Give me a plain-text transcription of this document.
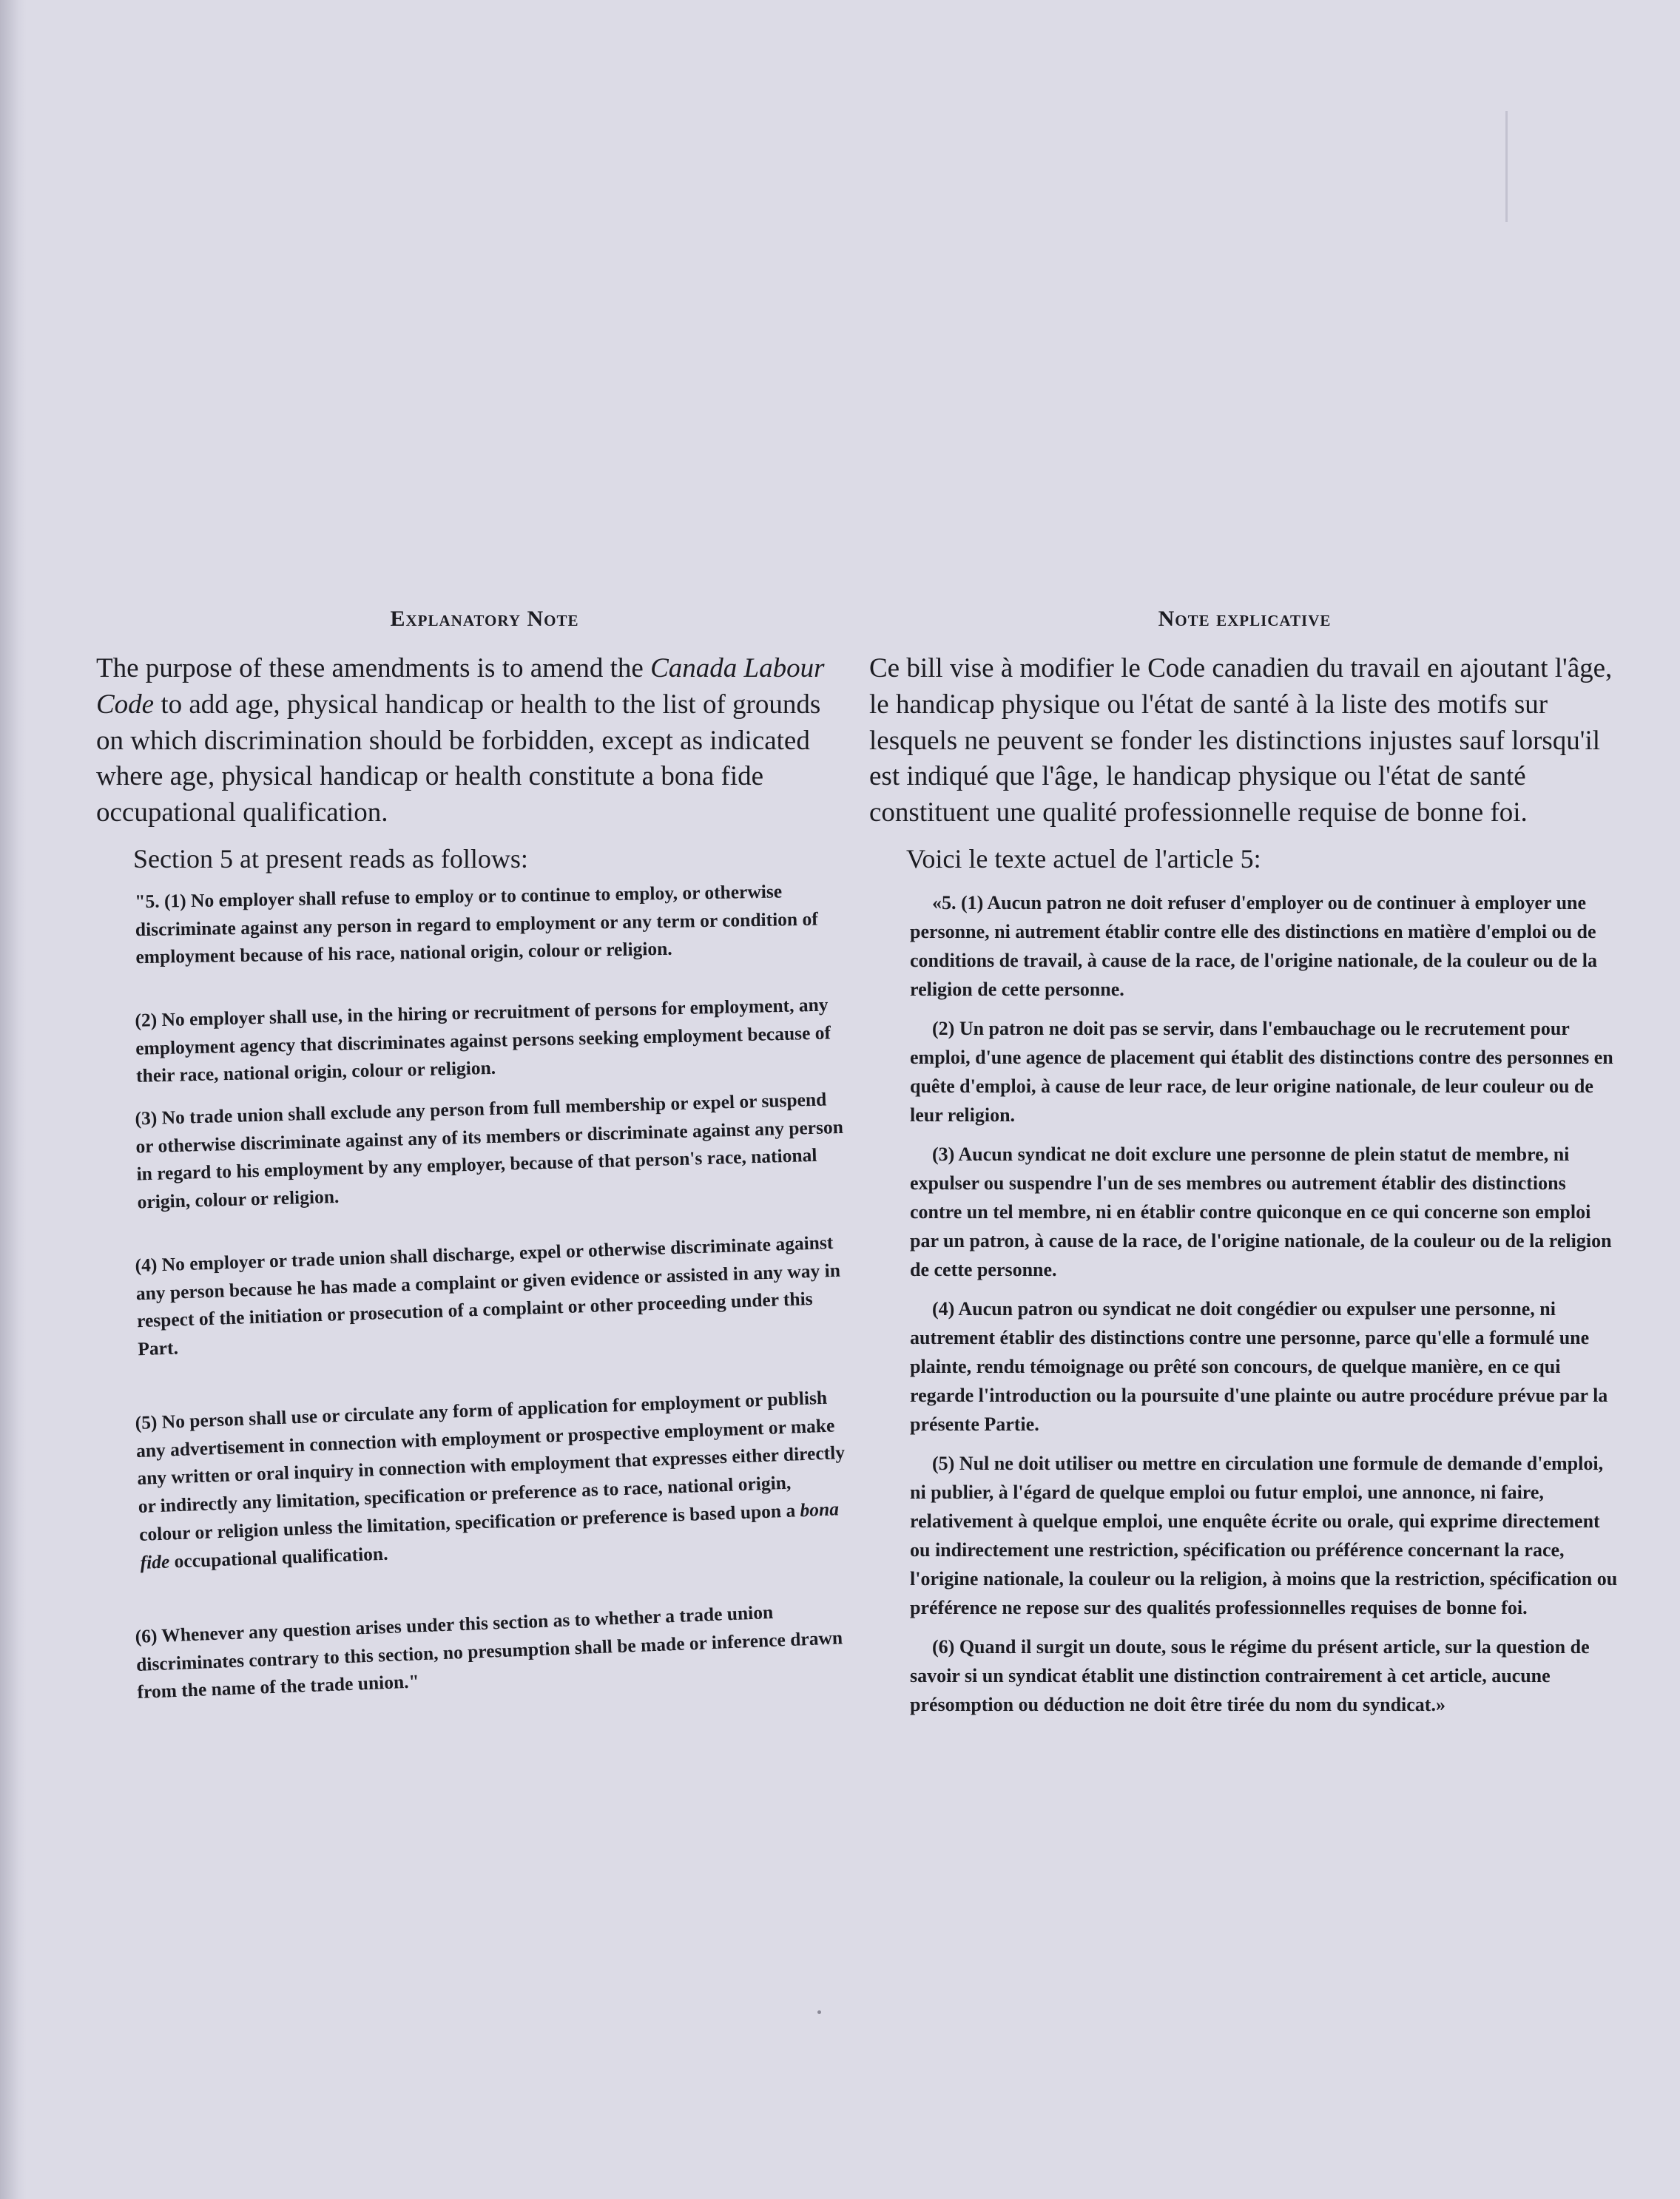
Explanatory Note

The purpose of these amendments is to amend the Canada Labour Code to add age, physical handicap or health to the list of grounds on which discrimination should be forbidden, except as indicated where age, physical handicap or health constitute a bona fide occupational qualification.

Section 5 at present reads as follows:

"5. (1) No employer shall refuse to employ or to continue to employ, or otherwise discriminate against any person in regard to employment or any term or condition of employment because of his race, national origin, colour or religion.

(2) No employer shall use, in the hiring or recruitment of persons for employment, any employment agency that discriminates against persons seeking employment because of their race, national origin, colour or religion.

(3) No trade union shall exclude any person from full membership or expel or suspend or otherwise discriminate against any of its members or discriminate against any person in regard to his employment by any employer, because of that person's race, national origin, colour or religion.

(4) No employer or trade union shall discharge, expel or otherwise discriminate against any person because he has made a complaint or given evidence or assisted in any way in respect of the initiation or prosecution of a complaint or other proceeding under this Part.

(5) No person shall use or circulate any form of application for employment or publish any advertisement in connection with employment or prospective employment or make any written or oral inquiry in connection with employment that expresses either directly or indirectly any limitation, specification or preference as to race, national origin, colour or religion unless the limitation, specification or preference is based upon a bona fide occupational qualification.

(6) Whenever any question arises under this section as to whether a trade union discriminates contrary to this section, no presumption shall be made or inference drawn from the name of the trade union."

Note explicative

Ce bill vise à modifier le Code canadien du travail en ajoutant l'âge, le handicap physique ou l'état de santé à la liste des motifs sur lesquels ne peuvent se fonder les distinctions injustes sauf lorsqu'il est indiqué que l'âge, le handicap physique ou l'état de santé constituent une qualité professionnelle requise de bonne foi.

Voici le texte actuel de l'article 5:

«5. (1) Aucun patron ne doit refuser d'employer ou de continuer à employer une personne, ni autrement établir contre elle des distinctions en matière d'emploi ou de conditions de travail, à cause de la race, de l'origine nationale, de la couleur ou de la religion de cette personne.

(2) Un patron ne doit pas se servir, dans l'embauchage ou le recrutement pour emploi, d'une agence de placement qui établit des distinctions contre des personnes en quête d'emploi, à cause de leur race, de leur origine nationale, de leur couleur ou de leur religion.

(3) Aucun syndicat ne doit exclure une personne de plein statut de membre, ni expulser ou suspendre l'un de ses membres ou autrement établir des distinctions contre un tel membre, ni en établir contre quiconque en ce qui concerne son emploi par un patron, à cause de la race, de l'origine nationale, de la couleur ou de la religion de cette personne.

(4) Aucun patron ou syndicat ne doit congédier ou expulser une personne, ni autrement établir des distinctions contre une personne, parce qu'elle a formulé une plainte, rendu témoignage ou prêté son concours, de quelque manière, en ce qui regarde l'introduction ou la poursuite d'une plainte ou autre procédure prévue par la présente Partie.

(5) Nul ne doit utiliser ou mettre en circulation une formule de demande d'emploi, ni publier, à l'égard de quelque emploi ou futur emploi, une annonce, ni faire, relativement à quelque emploi, une enquête écrite ou orale, qui exprime directement ou indirectement une restriction, spécification ou préférence concernant la race, l'origine nationale, la couleur ou la religion, à moins que la restriction, spécification ou préférence ne repose sur des qualités professionnelles requises de bonne foi.

(6) Quand il surgit un doute, sous le régime du présent article, sur la question de savoir si un syndicat établit une distinction contrairement à cet article, aucune présomption ou déduction ne doit être tirée du nom du syndicat.»
